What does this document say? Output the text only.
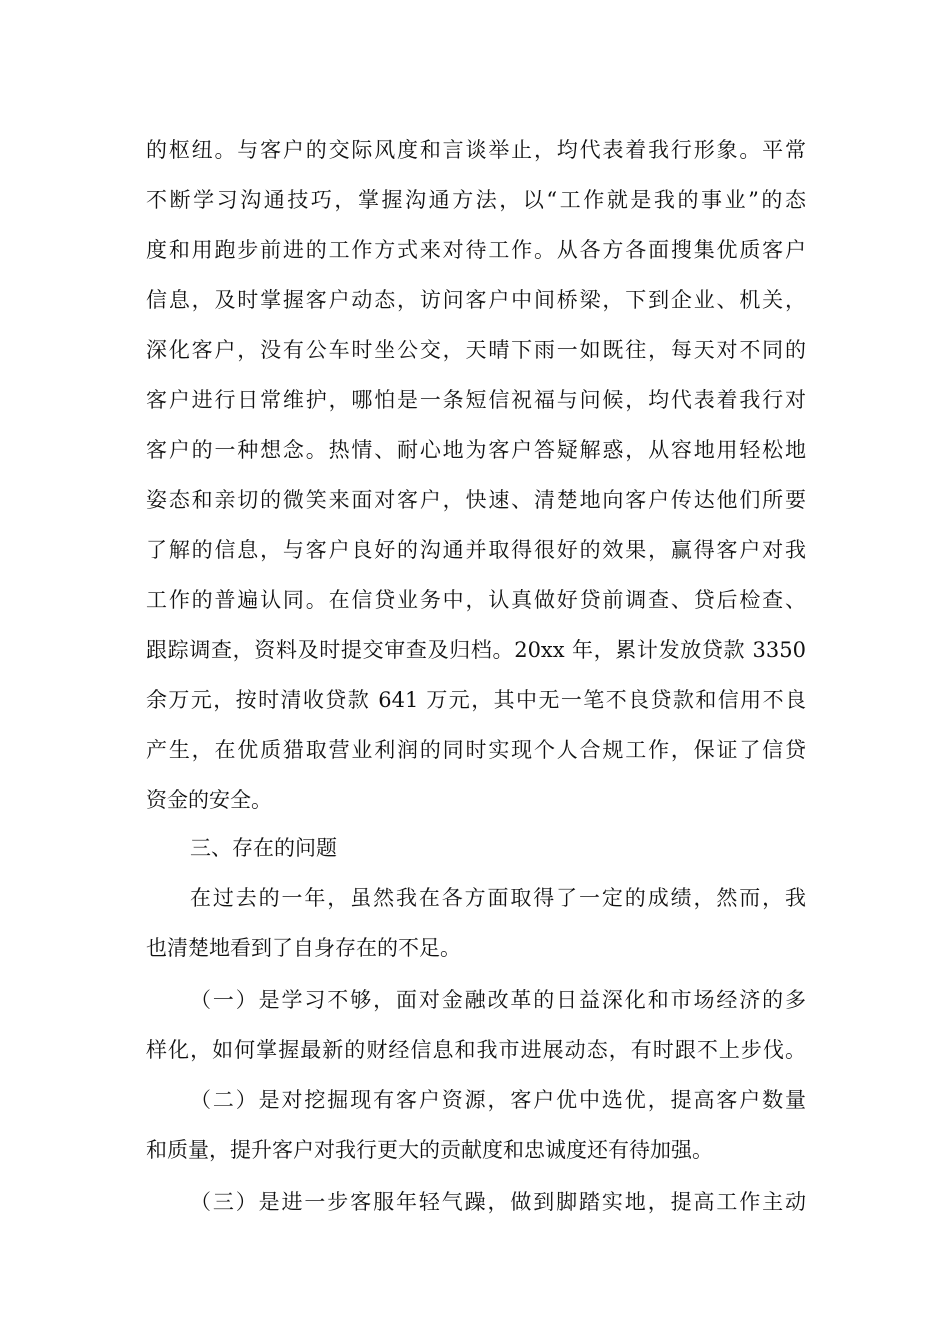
的枢纽。与客户的交际风度和言谈举止，均代表着我行形象。平常
不断学习沟通技巧，掌握沟通方法，以“工作就是我的事业”的态
度和用跑步前进的工作方式来对待工作。从各方各面搜集优质客户
信息，及时掌握客户动态，访问客户中间桥梁，下到企业、机关，
深化客户，没有公车时坐公交，天晴下雨一如既往，每天对不同的
客户进行日常维护，哪怕是一条短信祝福与问候，均代表着我行对
客户的一种想念。热情、耐心地为客户答疑解惑，从容地用轻松地
姿态和亲切的微笑来面对客户，快速、清楚地向客户传达他们所要
了解的信息，与客户良好的沟通并取得很好的效果，赢得客户对我
工作的普遍认同。在信贷业务中，认真做好贷前调查、贷后检查、
跟踪调查，资料及时提交审查及归档。20xx 年，累计发放贷款 3350
余万元，按时清收贷款 641 万元，其中无一笔不良贷款和信用不良
产生，在优质猎取营业利润的同时实现个人合规工作，保证了信贷
资金的安全。
三、存在的问题
在过去的一年，虽然我在各方面取得了一定的成绩，然而，我
也清楚地看到了自身存在的不足。
（一）是学习不够，面对金融改革的日益深化和市场经济的多
样化，如何掌握最新的财经信息和我市进展动态，有时跟不上步伐。
（二）是对挖掘现有客户资源，客户优中选优，提高客户数量
和质量，提升客户对我行更大的贡献度和忠诚度还有待加强。
（三）是进一步客服年轻气躁，做到脚踏实地，提高工作主动
